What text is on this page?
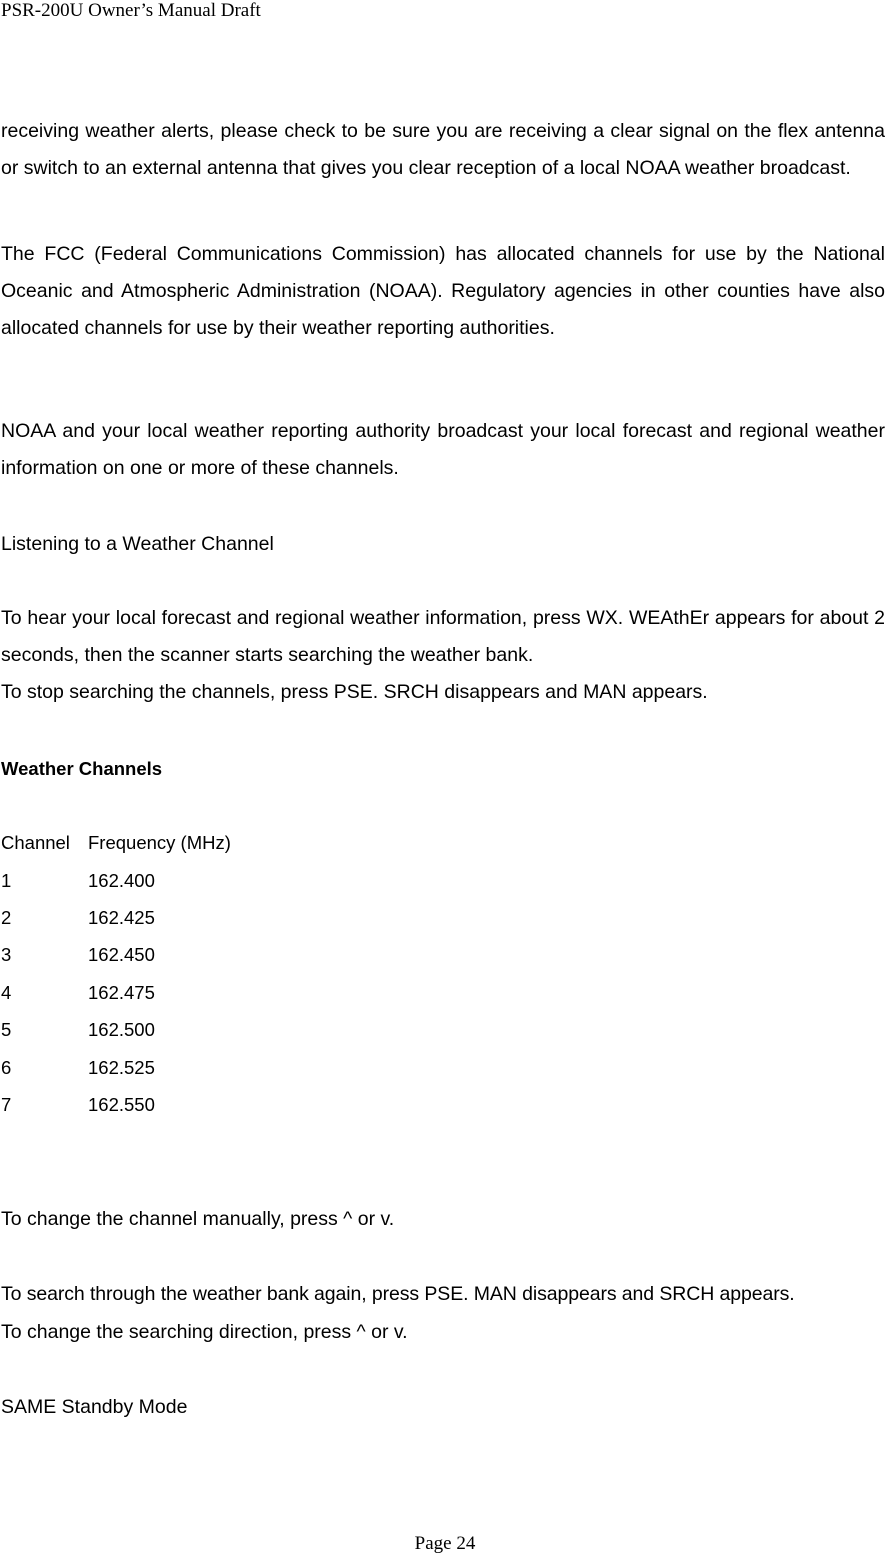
PSR-200U Owner’s Manual Draft

receiving weather alerts, please check to be sure you are receiving a clear signal on the flex antenna or switch to an external antenna that gives you clear reception of a local NOAA weather broadcast.

The FCC (Federal Communications Commission) has allocated channels for use by the National Oceanic and Atmospheric Administration (NOAA). Regulatory agencies in other counties have also allocated channels for use by their weather reporting authorities.

NOAA and your local weather reporting authority broadcast your local forecast and regional weather information on one or more of these channels.

Listening to a Weather Channel

To hear your local forecast and regional weather information, press WX. WEAthEr appears for about 2 seconds, then the scanner starts searching the weather bank.

To stop searching the channels, press PSE. SRCH disappears and MAN appears.

Weather Channels

Channel Frequency (MHz)
1	162.400
2	162.425
3	162.450
4	162.475
5	162.500
6	162.525
7	162.550

To change the channel manually, press ^ or v.

To search through the weather bank again, press PSE. MAN disappears and SRCH appears.

To change the searching direction, press ^ or v.

SAME Standby Mode

Page 24
